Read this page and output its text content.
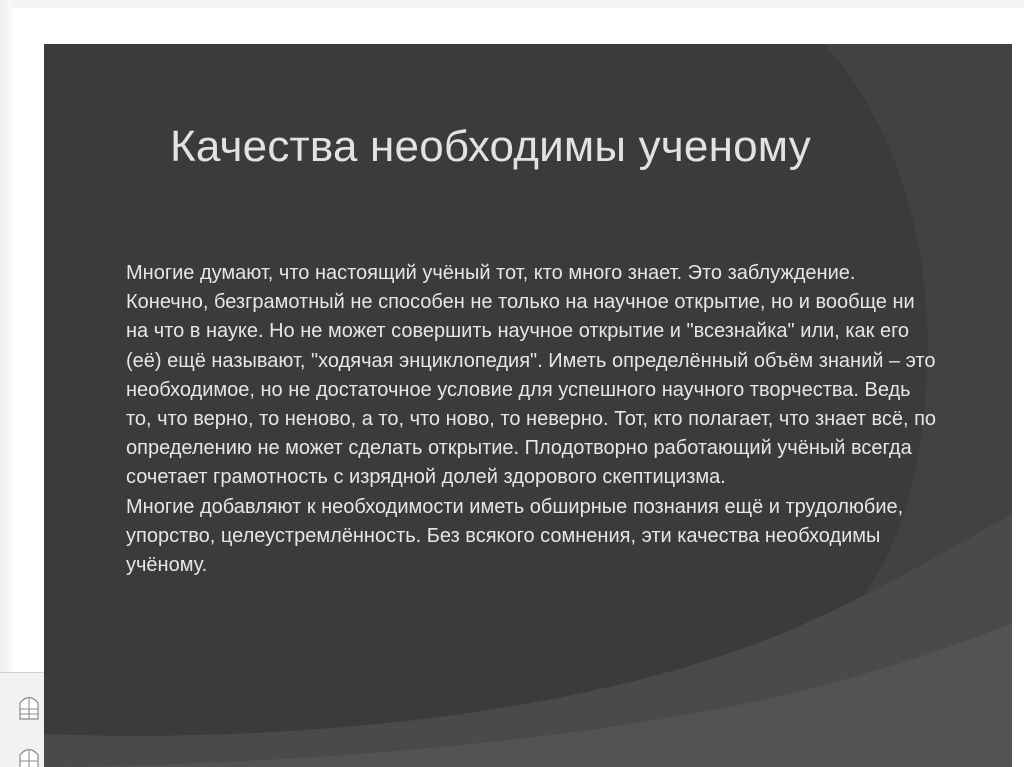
Качества необходимы ученому

Многие думают, что настоящий учёный тот, кто много знает. Это заблуждение. Конечно, безграмотный не способен не только на научное открытие, но и вообще ни на что в науке. Но не может совершить научное открытие и "всезнайка" или, как его (её) ещё называют, "ходячая энциклопедия". Иметь определённый объём знаний – это необходимое, но не достаточное условие для успешного научного творчества. Ведь то, что верно, то неново, а то, что ново, то неверно. Тот, кто полагает, что знает всё, по определению не может сделать открытие. Плодотворно работающий учёный всегда сочетает грамотность с изрядной долей здорового скептицизма.

Многие добавляют к необходимости иметь обширные познания ещё и трудолюбие, упорство, целеустремлённость. Без всякого сомнения, эти качества необходимы учёному.
